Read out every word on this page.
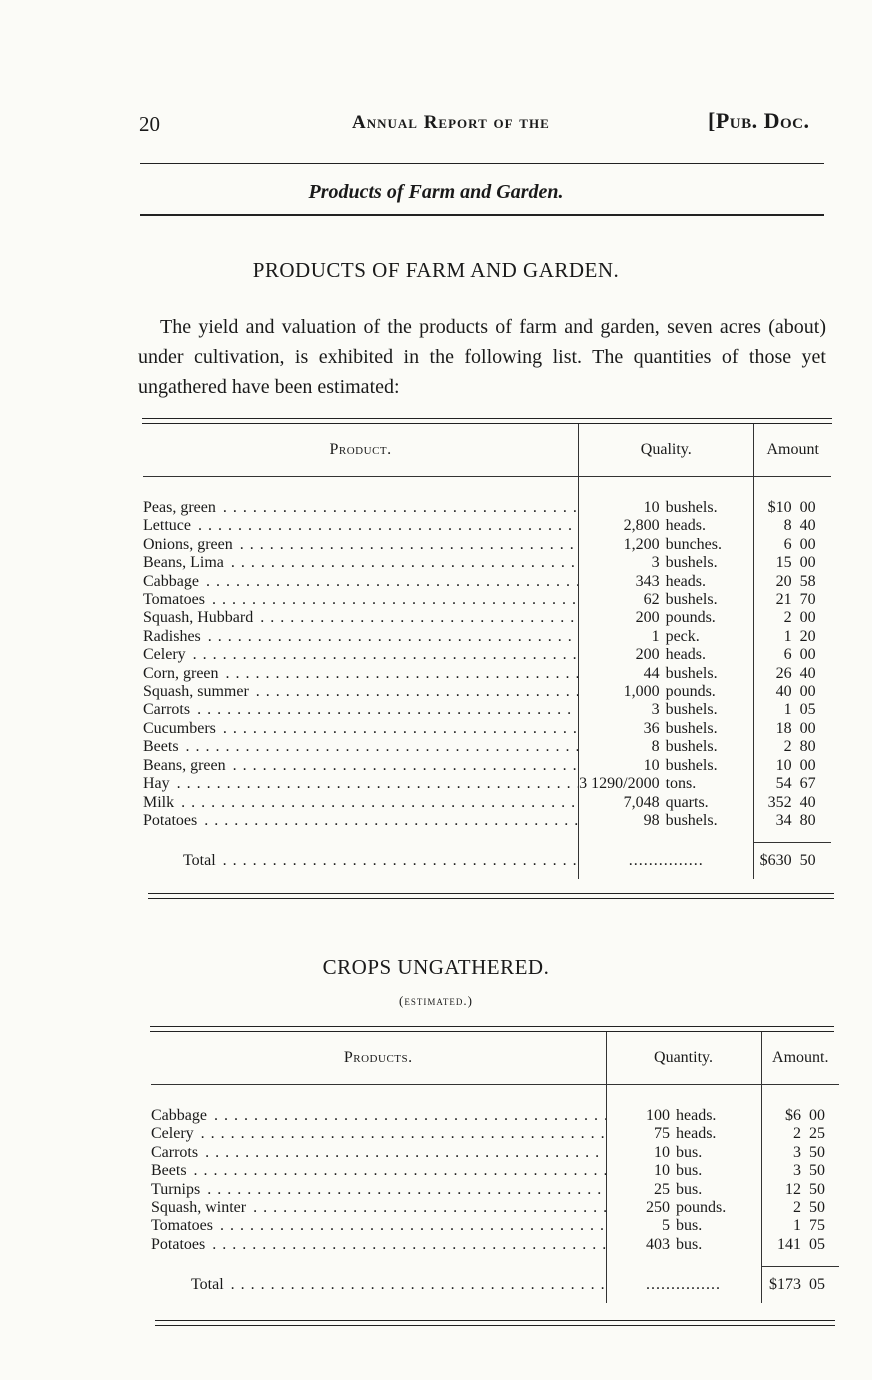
20	Annual Report of the	[Pub. Doc.
Products of Farm and Garden.
PRODUCTS OF FARM AND GARDEN.

The yield and valuation of the products of farm and garden, seven acres (about) under cultivation, is exhibited in the following list. The quantities of those yet ungathered have been estimated:

Product.	Quality.		Amount	

Peas, green . . .	10	bushels.	$10	00
Lettuce . . .	2,800	heads.	8	40
Onions, green . . .	1,200	bunches.	6	00
Beans, Lima . . .	3	bushels.	15	00
Cabbage . . .	343	heads.	20	58
Tomatoes . . .	62	bushels.	21	70
Squash, Hubbard . . .	200	pounds.	2	00
Radishes . . .	1	peck.	1	20
Celery . . .	200	heads.	6	00
Corn, green . . .	44	bushels.	26	40
Squash, summer . . .	1,000	pounds.	40	00
Carrots . . .	3	bushels.	1	05
Cucumbers . . .	36	bushels.	18	00
Beets . . .	8	bushels.	2	80
Beans, green . . .	10	bushels.	10	00
Hay . . .	3 1290/2000	tons.	54	67
Milk . . .	7,048	quarts.	352	40
Potatoes . . .	98	bushels.	34	80

Total . . .	...............		$630	50
CROPS UNGATHERED.
(estimated.)
Products.	Quantity.		Amount.	

Cabbage . . .	100	heads.	$6	00
Celery . . .	75	heads.	2	25
Carrots . . .	10	bus.	3	50
Beets . . .	10	bus.	3	50
Turnips . . .	25	bus.	12	50
Squash, winter . . .	250	pounds.	2	50
Tomatoes . . .	5	bus.	1	75
Potatoes . . .	403	bus.	141	05

Total . . .	...............		$173	05
